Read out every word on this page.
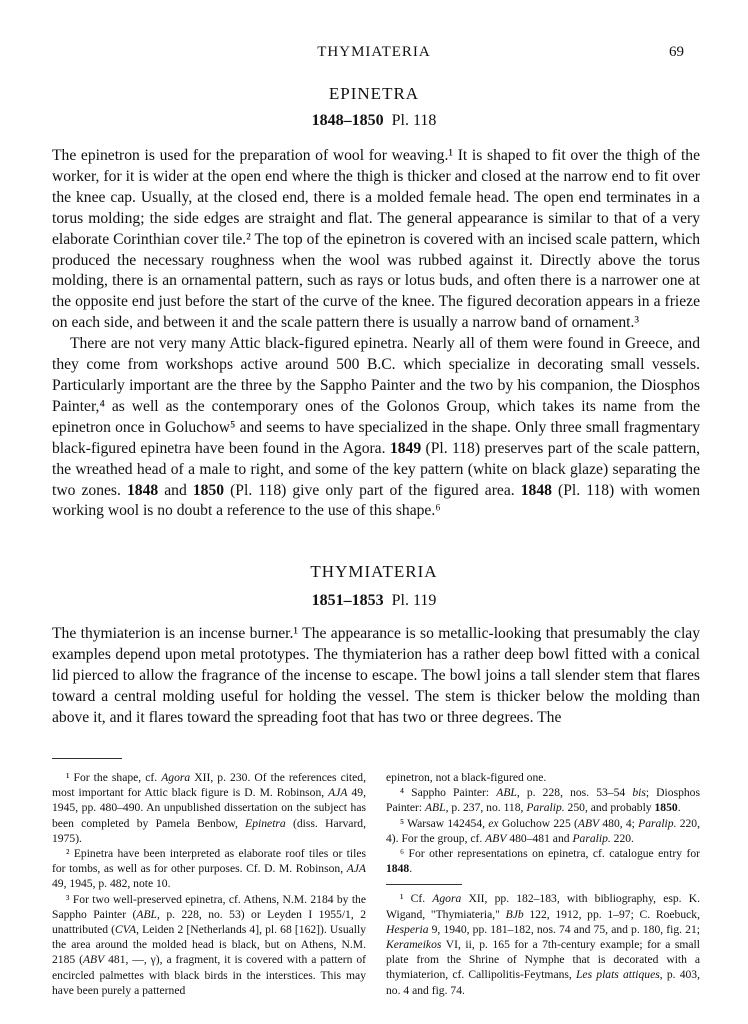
THYMIATERIA	69
EPINETRA
1848–1850 Pl. 118

The epinetron is used for the preparation of wool for weaving.¹ It is shaped to fit over the thigh of the worker, for it is wider at the open end where the thigh is thicker and closed at the narrow end to fit over the knee cap. Usually, at the closed end, there is a molded female head. The open end terminates in a torus molding; the side edges are straight and flat. The general appearance is similar to that of a very elaborate Corinthian cover tile.² The top of the epinetron is covered with an incised scale pattern, which produced the necessary roughness when the wool was rubbed against it. Directly above the torus molding, there is an ornamental pattern, such as rays or lotus buds, and often there is a narrower one at the opposite end just before the start of the curve of the knee. The figured decoration appears in a frieze on each side, and between it and the scale pattern there is usually a narrow band of ornament.³

There are not very many Attic black-figured epinetra. Nearly all of them were found in Greece, and they come from workshops active around 500 B.C. which specialize in decorating small vessels. Particularly important are the three by the Sappho Painter and the two by his companion, the Diosphos Painter,⁴ as well as the contemporary ones of the Golonos Group, which takes its name from the epinetron once in Goluchow⁵ and seems to have specialized in the shape. Only three small fragmentary black-figured epinetra have been found in the Agora. 1849 (Pl. 118) preserves part of the scale pattern, the wreathed head of a male to right, and some of the key pattern (white on black glaze) separating the two zones. 1848 and 1850 (Pl. 118) give only part of the figured area. 1848 (Pl. 118) with women working wool is no doubt a reference to the use of this shape.⁶

THYMIATERIA
1851–1853 Pl. 119

The thymiaterion is an incense burner.¹ The appearance is so metallic-looking that presumably the clay examples depend upon metal prototypes. The thymiaterion has a rather deep bowl fitted with a conical lid pierced to allow the fragrance of the incense to escape. The bowl joins a tall slender stem that flares toward a central molding useful for holding the vessel. The stem is thicker below the molding than above it, and it flares toward the spreading foot that has two or three degrees. The

¹ For the shape, cf. Agora XII, p. 230. Of the references cited, most important for Attic black figure is D. M. Robinson, AJA 49, 1945, pp. 480–490. An unpublished dissertation on the subject has been completed by Pamela Benbow, Epinetra (diss. Harvard, 1975).

² Epinetra have been interpreted as elaborate roof tiles or tiles for tombs, as well as for other purposes. Cf. D. M. Robinson, AJA 49, 1945, p. 482, note 10.

³ For two well-preserved epinetra, cf. Athens, N.M. 2184 by the Sappho Painter (ABL, p. 228, no. 53) or Leyden I 1955/1, 2 unattributed (CVA, Leiden 2 [Netherlands 4], pl. 68 [162]). Usually the area around the molded head is black, but on Athens, N.M. 2185 (ABV 481, —, γ), a fragment, it is covered with a pattern of encircled palmettes with black birds in the interstices. This may have been purely a patterned

epinetron, not a black-figured one.

⁴ Sappho Painter: ABL, p. 228, nos. 53–54 bis; Diosphos Painter: ABL, p. 237, no. 118, Paralip. 250, and probably 1850.

⁵ Warsaw 142454, ex Goluchow 225 (ABV 480, 4; Paralip. 220, 4). For the group, cf. ABV 480–481 and Paralip. 220.

⁶ For other representations on epinetra, cf. catalogue entry for 1848.

¹ Cf. Agora XII, pp. 182–183, with bibliography, esp. K. Wigand, "Thymiateria," BJb 122, 1912, pp. 1–97; C. Roebuck, Hesperia 9, 1940, pp. 181–182, nos. 74 and 75, and p. 180, fig. 21; Kerameikos VI, ii, p. 165 for a 7th-century example; for a small plate from the Shrine of Nymphe that is decorated with a thymiaterion, cf. Callipolitis-Feytmans, Les plats attiques, p. 403, no. 4 and fig. 74.
